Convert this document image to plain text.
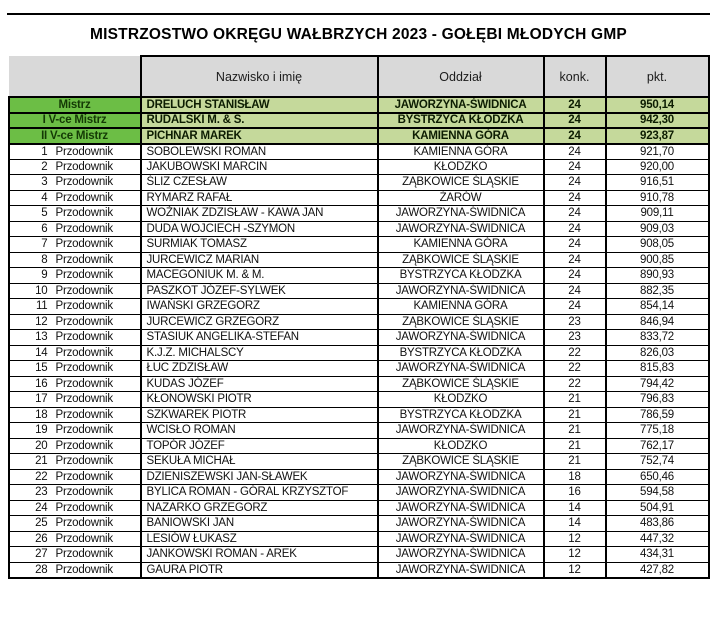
MISTRZOSTWO OKRĘGU WAŁBRZYCH 2023 - GOŁĘBI MŁODYCH GMP
	Nazwisko i imię	Oddział	konk.	pkt.
Mistrz	DRELUCH STANISŁAW	JAWORZYNA-ŚWIDNICA	24	950,14
I V-ce Mistrz	RUDALSKI M. & S.	BYSTRZYCA KŁODZKA	24	942,30
II V-ce Mistrz	PICHNAR MAREK	KAMIENNA GÓRA	24	923,87

1 Przodownik	SOBOLEWSKI ROMAN	KAMIENNA GÓRA	24	921,70

2 Przodownik	JAKUBOWSKI MARCIN	KŁODZKO	24	920,00

3 Przodownik	ŚLIZ CZESŁAW	ZĄBKOWICE ŚLĄSKIE	24	916,51

4 Przodownik	RYMARZ RAFAŁ	ŻARÓW	24	910,78

5 Przodownik	WOŹNIAK ZDZISŁAW - KAWA JAN	JAWORZYNA-ŚWIDNICA	24	909,11

6 Przodownik	DUDA WOJCIECH -SZYMON	JAWORZYNA-ŚWIDNICA	24	909,03

7 Przodownik	SURMIAK TOMASZ	KAMIENNA GÓRA	24	908,05

8 Przodownik	JURCEWICZ MARIAN	ZĄBKOWICE ŚLĄSKIE	24	900,85

9 Przodownik	MACEGONIUK M. & M.	BYSTRZYCA KŁODZKA	24	890,93

10 Przodownik	PASZKOT JÓZEF-SYLWEK	JAWORZYNA-ŚWIDNICA	24	882,35

11 Przodownik	IWAŃSKI GRZEGORZ	KAMIENNA GÓRA	24	854,14

12 Przodownik	JURCEWICZ GRZEGORZ	ZĄBKOWICE ŚLĄSKIE	23	846,94

13 Przodownik	STASIUK ANGELIKA-STEFAN	JAWORZYNA-ŚWIDNICA	23	833,72

14 Przodownik	K.J.Z. MICHALSCY	BYSTRZYCA KŁODZKA	22	826,03

15 Przodownik	ŁUC ZDZISŁAW	JAWORZYNA-ŚWIDNICA	22	815,83

16 Przodownik	KUDAS JÓZEF	ZĄBKOWICE ŚLĄSKIE	22	794,42

17 Przodownik	KŁONOWSKI PIOTR	KŁODZKO	21	796,83

18 Przodownik	SZKWAREK PIOTR	BYSTRZYCA KŁODZKA	21	786,59

19 Przodownik	WCISŁO ROMAN	JAWORZYNA-ŚWIDNICA	21	775,18

20 Przodownik	TOPÓR JÓZEF	KŁODZKO	21	762,17

21 Przodownik	SEKUŁA MICHAŁ	ZĄBKOWICE ŚLĄSKIE	21	752,74

22 Przodownik	DZIENISZEWSKI JAN-SŁAWEK	JAWORZYNA-ŚWIDNICA	18	650,46

23 Przodownik	BYLICA ROMAN - GÓRAL KRZYSZTOF	JAWORZYNA-ŚWIDNICA	16	594,58

24 Przodownik	NAZARKO GRZEGORZ	JAWORZYNA-ŚWIDNICA	14	504,91

25 Przodownik	BANIOWSKI JAN	JAWORZYNA-ŚWIDNICA	14	483,86

26 Przodownik	LESIÓW ŁUKASZ	JAWORZYNA-ŚWIDNICA	12	447,32

27 Przodownik	JANKOWSKI ROMAN - AREK	JAWORZYNA-ŚWIDNICA	12	434,31

28 Przodownik	GAURA PIOTR	JAWORZYNA-ŚWIDNICA	12	427,82
